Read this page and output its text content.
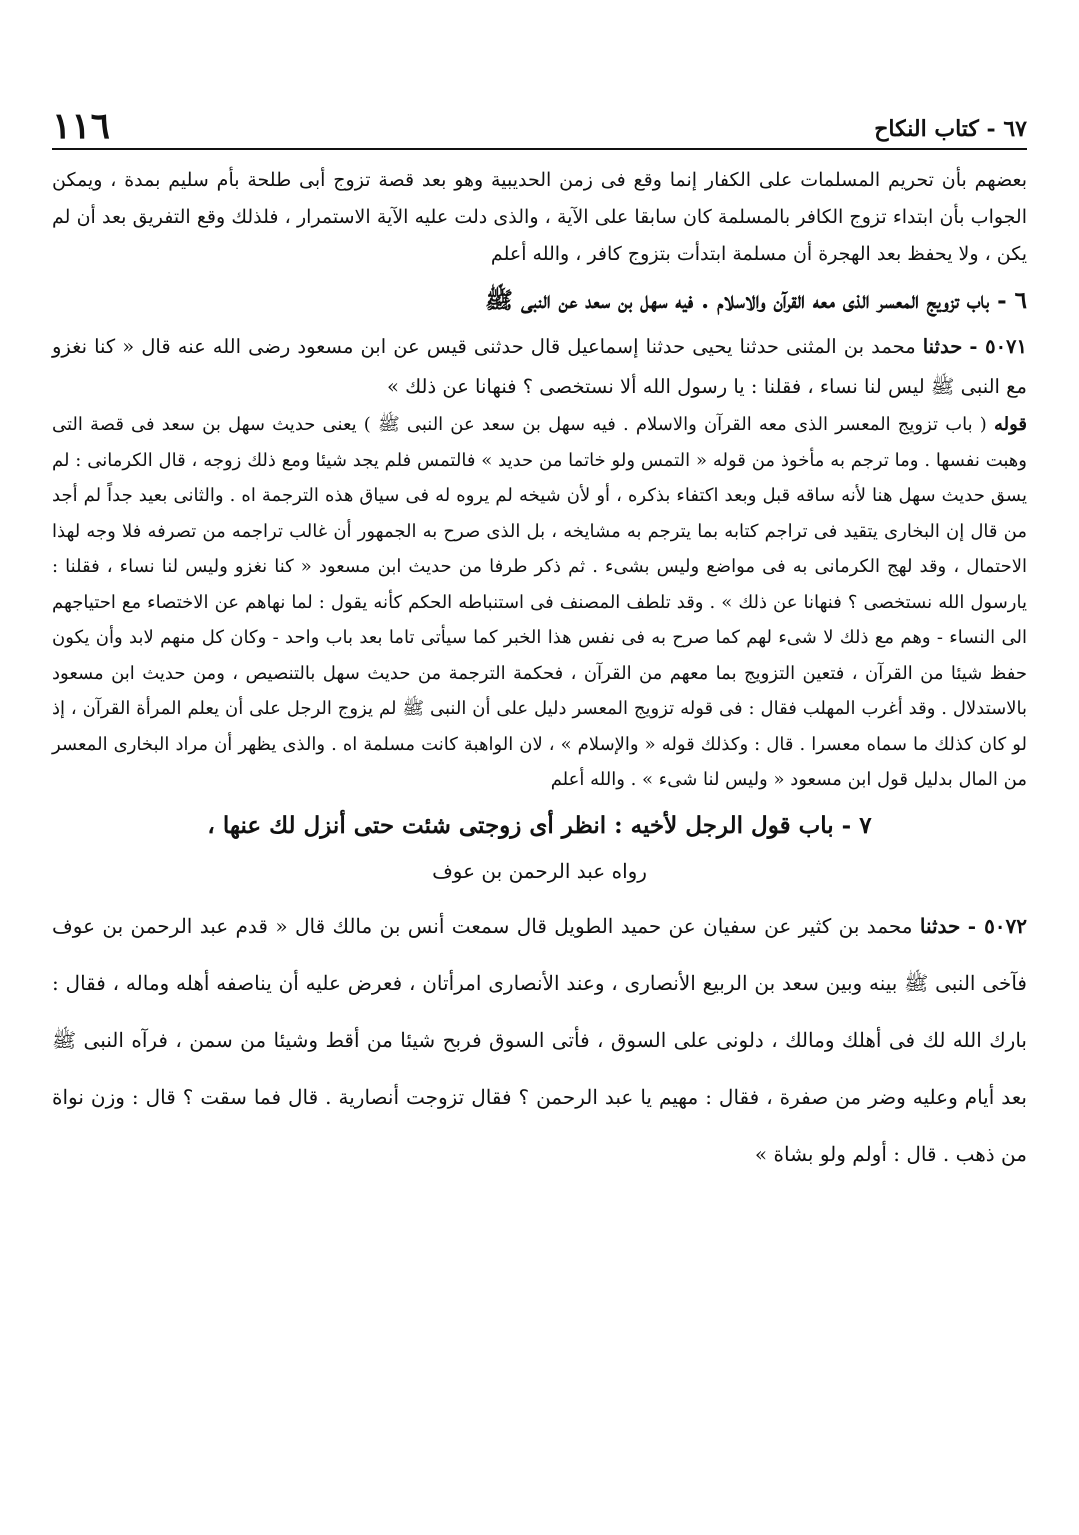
١١٦	٦٧ - كتاب النكاح

بعضهم بأن تحريم المسلمات على الكفار إنما وقع فى زمن الحديبية وهو بعد قصة تزوج أبى طلحة بأم سليم بمدة ، ويمكن الجواب بأن ابتداء تزوج الكافر بالمسلمة كان سابقا على الآية ، والذى دلت عليه الآية الاستمرار ، فلذلك وقع التفريق بعد أن لم يكن ، ولا يحفظ بعد الهجرة أن مسلمة ابتدأت بتزوج كافر ، والله أعلم

٦ - باب تزويج المعسر الذى معه القرآن والاسلام . فيه سهل بن سعد عن النبى ﷺ

٥٠٧١ - حدثنا محمد بن المثنى حدثنا يحيى حدثنا إسماعيل قال حدثنى قيس عن ابن مسعود رضى الله عنه قال « كنا نغزو مع النبى ﷺ ليس لنا نساء ، فقلنا : يا رسول الله ألا نستخصى ؟ فنهانا عن ذلك »

قوله ( باب تزويج المعسر الذى معه القرآن والاسلام . فيه سهل بن سعد عن النبى ﷺ ) يعنى حديث سهل بن سعد فى قصة التى وهبت نفسها . وما ترجم به مأخوذ من قوله « التمس ولو خاتما من حديد » فالتمس فلم يجد شيئا ومع ذلك زوجه ، قال الكرمانى : لم يسق حديث سهل هنا لأنه ساقه قبل وبعد اكتفاء بذكره ، أو لأن شيخه لم يروه له فى سياق هذه الترجمة اه . والثانى بعيد جداً لم أجد من قال إن البخارى يتقيد فى تراجم كتابه بما يترجم به مشايخه ، بل الذى صرح به الجمهور أن غالب تراجمه من تصرفه فلا وجه لهذا الاحتمال ، وقد لهج الكرمانى به فى مواضع وليس بشىء . ثم ذكر طرفا من حديث ابن مسعود « كنا نغزو وليس لنا نساء ، فقلنا : يارسول الله نستخصى ؟ فنهانا عن ذلك » . وقد تلطف المصنف فى استنباطه الحكم كأنه يقول : لما نهاهم عن الاختصاء مع احتياجهم الى النساء - وهم مع ذلك لا شىء لهم كما صرح به فى نفس هذا الخبر كما سيأتى تاما بعد باب واحد - وكان كل منهم لابد وأن يكون حفظ شيئا من القرآن ، فتعين التزويج بما معهم من القرآن ، فحكمة الترجمة من حديث سهل بالتنصيص ، ومن حديث ابن مسعود بالاستدلال . وقد أغرب المهلب فقال : فى قوله تزويج المعسر دليل على أن النبى ﷺ لم يزوج الرجل على أن يعلم المرأة القرآن ، إذ لو كان كذلك ما سماه معسرا . قال : وكذلك قوله « والإسلام » ، لان الواهبة كانت مسلمة اه . والذى يظهر أن مراد البخارى المعسر من المال بدليل قول ابن مسعود « وليس لنا شىء » . والله أعلم

٧ - باب قول الرجل لأخيه : انظر أى زوجتى شئت حتى أنزل لك عنها ،
رواه عبد الرحمن بن عوف

٥٠٧٢ - حدثنا محمد بن كثير عن سفيان عن حميد الطويل قال سمعت أنس بن مالك قال « قدم عبد الرحمن بن عوف فآخى النبى ﷺ بينه وبين سعد بن الربيع الأنصارى ، وعند الأنصارى امرأتان ، فعرض عليه أن يناصفه أهله وماله ، فقال : بارك الله لك فى أهلك ومالك ، دلونى على السوق ، فأتى السوق فربح شيئا من أقط وشيئا من سمن ، فرآه النبى ﷺ بعد أيام وعليه وضر من صفرة ، فقال : مهيم يا عبد الرحمن ؟ فقال تزوجت أنصارية . قال فما سقت ؟ قال : وزن نواة من ذهب . قال : أولم ولو بشاة »
